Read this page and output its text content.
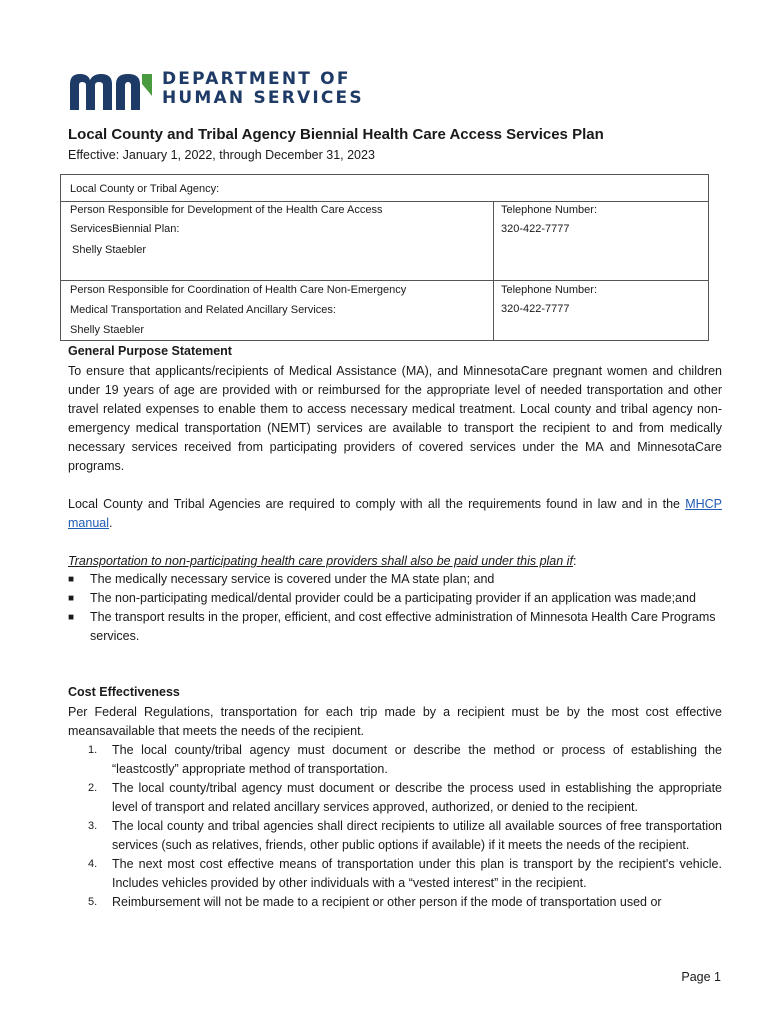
DEPARTMENT OF
HUMAN SERVICES
Local County and Tribal Agency Biennial Health Care Access Services Plan
Effective: January 1, 2022, through December 31, 2023
Local County or Tribal Agency:
Person Responsible for Development of the Health Care Access
ServicesBiennial Plan:
Shelly Staebler
Telephone Number:
320-422-7777
Person Responsible for Coordination of Health Care Non-Emergency
Medical Transportation and Related Ancillary Services:
Shelly Staebler
Telephone Number:
320-422-7777
General Purpose Statement
To ensure that applicants/recipients of Medical Assistance (MA), and MinnesotaCare pregnant women and children under 19 years of age are provided with or reimbursed for the appropriate level of needed transportation and other travel related expenses to enable them to access necessary medical treatment. Local county and tribal agency non-emergency medical transportation (NEMT) services are available to transport the recipient to and from medically necessary services received from participating providers of covered services under the MA and MinnesotaCare programs.
Local County and Tribal Agencies are required to comply with all the requirements found in law and in the MHCP manual.
Transportation to non-participating health care providers shall also be paid under this plan if:
■ The medically necessary service is covered under the MA state plan; and
■ The non-participating medical/dental provider could be a participating provider if an application was made;and
■ The transport results in the proper, efficient, and cost effective administration of Minnesota Health Care Programs services.
Cost Effectiveness
Per Federal Regulations, transportation for each trip made by a recipient must be by the most cost effective meansavailable that meets the needs of the recipient.
1. The local county/tribal agency must document or describe the method or process of establishing the “leastcostly” appropriate method of transportation.
2. The local county/tribal agency must document or describe the process used in establishing the appropriate level of transport and related ancillary services approved, authorized, or denied to the recipient.
3. The local county and tribal agencies shall direct recipients to utilize all available sources of free transportation services (such as relatives, friends, other public options if available) if it meets the needs of the recipient.
4. The next most cost effective means of transportation under this plan is transport by the recipient's vehicle. Includes vehicles provided by other individuals with a “vested interest” in the recipient.
5. Reimbursement will not be made to a recipient or other person if the mode of transportation used or
Page 1
